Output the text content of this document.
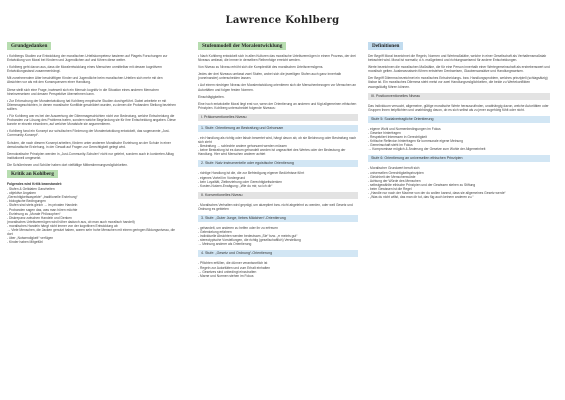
Lawrence Kohlberg
Grundgedanken

• Kohlbergs Studien zur Entwicklung der moralischen Urteilskompetenz basieren auf Piagets Forschungen zur Entwicklung von Moral bei Kindern und Jugendlichen auf und führen diese weiter.

• Kohlberg geht davon aus, dass die Moralentwicklung eines Menschen unmittelbar mit dessen kognitivem Entwicklungsstand zusammenhängt.

Mit zunehmendem Alter beschäftigen Kinder und Jugendliche beim moralischen Urteilen sich mehr mit den Absichten vor als mit den Konsequenzen einer Handlung.

Diese stellt sich eine Frage, inwieweit sich ein Mensch kognitiv in die Situation eines anderen Menschen hineinversetzen und dessen Perspektive übernehmen kann.

• Zur Erforschung der Moralentwicklung hat Kohlberg empirische Studien durchgeführt. Dabei arbeitete er mit Dilemmageschichten, in denen moralische Konflikte geschildert wurden, zu denen die Probanden Stellung beziehen sollten.

• Für Kohlberg war es bei der Auswertung der Dilemmageschichten nicht von Bedeutung, welche Entscheidung die Probanden zur Lösung des Problems trafen, sondern welche Begründung sie für ihre Entscheidung angaben. Diese konnte er einzeln einordnen, auf welcher Moralstufe sie argumentieren.

• Kohlberg fand ein Konzept zur schulischen Förderung der Moralentwicklung entwickelt, das sogenannte „Just-Community-Konzept“.

Schulen, die nach diesem Konzept arbeiten, fördern unter anderem Moralische Erziehung an der Schule in einer demokratische Erziehung, in der Gewalt auf Fragen zur Gerechtigkeit gelegt wird.

Demokratische Prinzipien werden in „Just-Community-Schulen“ nicht nur gelehrt, sondern auch in konkreten Alltag institutionell umgesetzt.

Die Schülerinnen und Schüler haben dort vielfältige Mitbestimmungsmöglichkeiten.

Kritik an Kohlberg
Folgendes wird Kritik beanstandet:
- Stufen & Geltdaten Ganzheiten
- objektive Angaben
„Gerechtigkeitsaspekte“ „traditionelle Erziehung“
- biologische Bedingungen
- Stufen sind stets gleich → im privaten Handeln
- Probanden sagen das, was man hören möchte
- Erziehung zu „Morale Philosophen“
- Diskrepanz zwischen Handeln und Denken
(moralisches Urteilsvermögen wird höher dadurch aus, ob man auch moralisch handelt)
- moralisches Handeln hängt nicht immer von der kognitiven Entwicklung ab
→ Viele Menschen, die Jacken genutzt haben, waren sehr hohe Menschen mit einem geringen Bildungsniveau, die dort
- über „Notwendigkeit“ verfügen
- Kinder haben Mitgefühl
Stufenmodell der Moralentwicklung

• Nach Kohlberg entwickelt sich in allen Kulturen das moralische Urteilsvermögen in einem Prozess, der drei Niveaus umfasst, die immer in derselben Reihenfolge erreicht werden.

Von Niveau zu Niveau erhöht sich die Komplexität des moralischen Urteilsvermögens.

Jedes der drei Niveaus umfasst zwei Stufen, wobei sich die jeweiligen Stufen auch ganz innerhalb (voneinander) unterscheiden lassen.

• Auf einem niedrigen Niveau der Moralentwicklung orientieren sich die Menschenbezogen vor Menschen an Autoritäten und folgen festen Normen.

Einschlägigkeiten.

Eine hoch entwickelte Moral liegt erst vor, wenn der Orientierung an anderen und fügt allgemeinen ethischen Prinzipien. Kohlberg unterscheidet folgende Niveaus:

I. Präkonventionelles Niveau
1. Stufe: Orientierung an Bestrafung und Gehorsam
- ein Handlung als richtig oder falsch bewertet wird, hängt davon ab, ob sie Belohnung oder Bestrafung nach sich zieht
- Bestrafung → schlechte andere gehorsamt werden müssen
- keine Bestrafung ist es darum gehandelt worden ist ungeachtet des Wertes oder der Bedeutung der Handlung. Hier wird Menschen anderer achtet
2. Stufe: Naiv instrumentelle oder egoistische Orientierung
- richtige Handlung ist die, die zur Befriedigung eigener Bedürfnisse führt
- eigenes Vorteil im Vordergrund
- kein Loyalität, Zielbeziehung oder Gerechtigkeitsdenken
- Kosten-Nutzen-Erwägung: „Wie du mir, so ich dir“
II. Konventionelles Niveau
- Moralisches Verhalten wird geprägt, um akzeptiert bzw. nicht abgelehnt zu werden, oder weil Gesetz und Ordnung es gebieten
3. Stufe: „Guter Junge, liebes Mädchen“-Orientierung
- gehandelt, um anderen zu helfen oder ihr zu erfreuen
- Gelenkelung erfahren
- individuelle Absichten werden bedeutsam „Sie“ bzw. „rr meints gut“
- stereotypische Vorstellungen, die richtig (gesellschaftlich) Verstellung
→ Meinung anderer als Orientierung
4. Stufe: „Gesetz und Ordnung“-Orientierung
- Pflichten erfüllen, die dünner verantwortlich ist
- Regeln zur Autoritäten und zum Erhalt einhalten
→ Gesetzes sind unbedingt einzuhalten
- Marne und Normen stehen im Fokus
Definitionen

Der Begriff Moral bezeichnet die Regeln, Normen und Wertmaßstäbe, welche in einer Gesellschaft als Verhaltensmaßstab betrachtet wird. Moral ist normativ, d.h. maßgebend und richtungsweisend für andere Entscheidungen.

Werte bezeichnen die moralischen Maßstäbe, die für eine Person innerhalb einer Wertegemeinschaft als erstrebenswert und moralisch gelten. Ausbewusstsein führen entstehen Denkweisen, Glaubensansätze und Handlungsweisen.

Der Begriff Dilemma bezeichnet ein moralisches Entscheidungs- bzw. Handlungsproblem, welches prinzipiell (schlagsätzig) lösbar ist. Ein moralisches Dilemma steht meist vor zwei Handlungsmöglichkeiten, die beide zu Wertekonflikten zwangsläufig führen können.

III. Postkonventionelles Niveau

Das Individuum versucht, allgemeine, gültige moralische Werte herauszufinden, unabhängig davon, welche Autoritäten oder Gruppen ihnen beipflichten und unabhängig davon, ob es sich selbst als zu jener zugehörig fühlt oder nicht.

Stufe 5: Sozialvertragliche Orientierung
- eigene Wohl und Normenbedingungen im Fokus
- Gesetze hinterfragen
- Respektiert Interessen in Gerechtigkeit
- Kritische Reflexion hinterfragen für kommunale eigene Meinung
- Gemeinschaft steht im Fokus
→ Kompromisse möglich & Änderung der Gesetze zum Wohle der Allgemeinheit
Stufe 6: Orientierung an universellen ethischen Prinzipien
- Moralischer Grundwert beruft sich
- universellen Gerechtigkeitsprinzipien
- Gleichheit der Menschenwürde
- Achtung der Würde des Menschen
- selbstgewählte ethische Prinzipien und der Gewissen stehen zu Stiftung
- beim Gewissen ist die Regel
- „Handle nur nach der Maxime von der du wollen kannst, dass sie allgemeines Gesetz werde“
- „Was du nicht willst, das man dir tut, das füg auch keinem anderen zu.“
